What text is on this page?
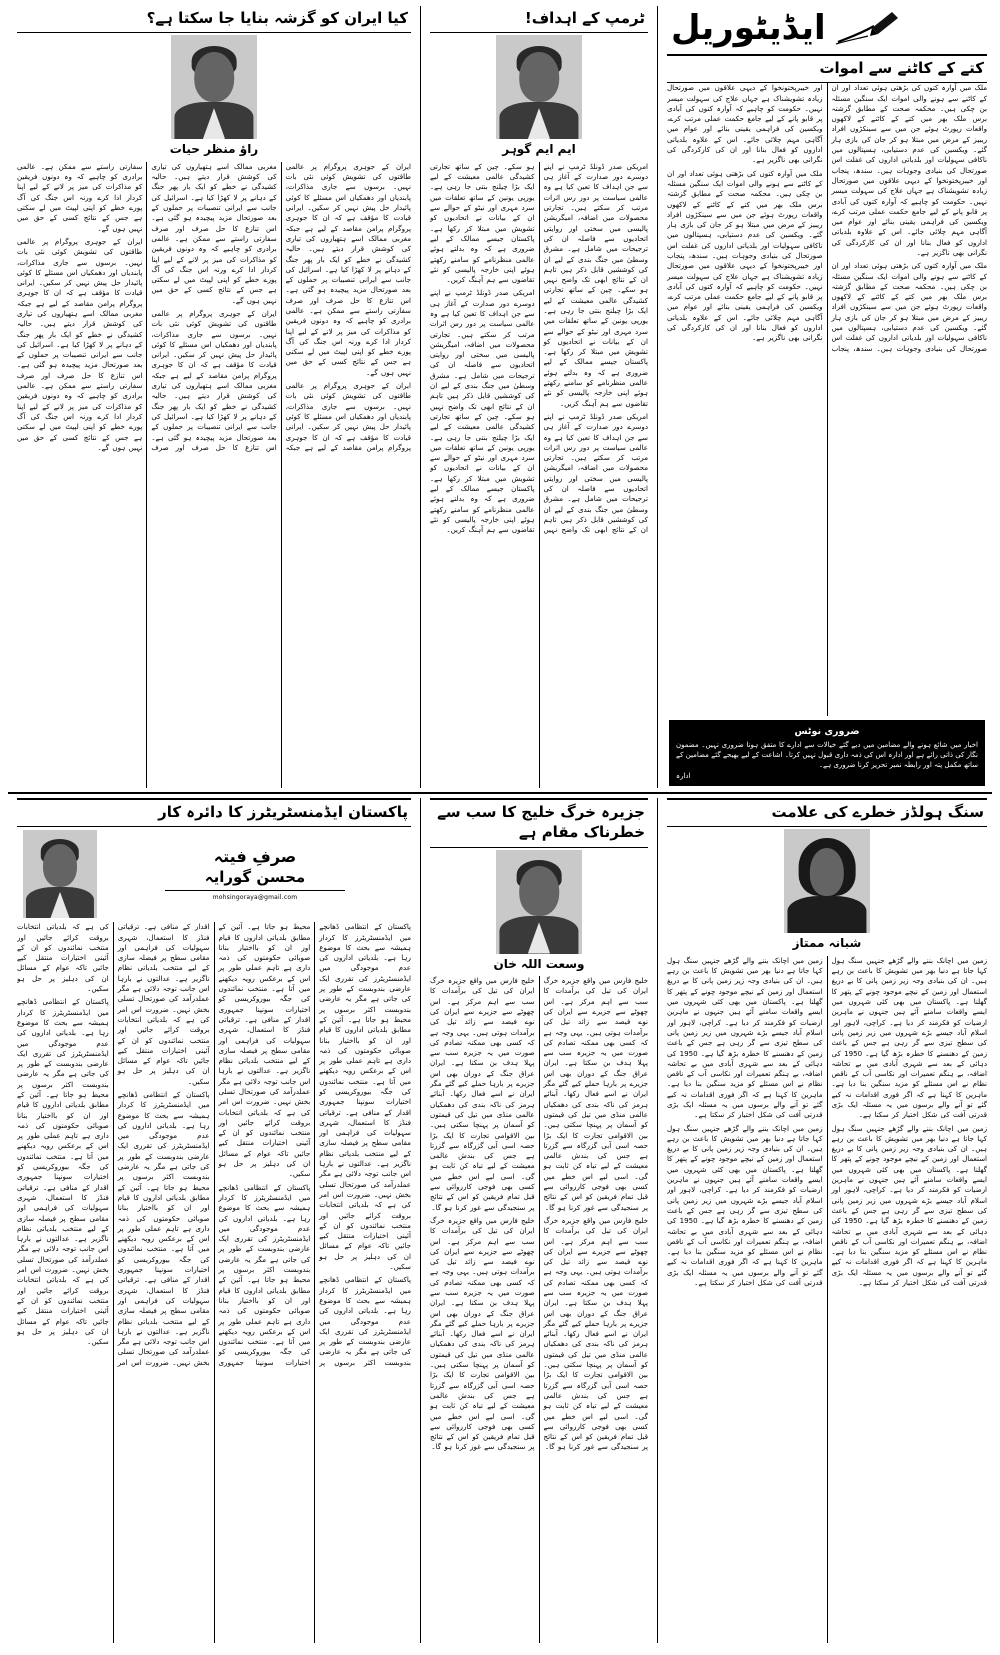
ایڈیٹوریل
کتے کے کاٹنے سے اموات

ملک میں آوارہ کتوں کی بڑھتی ہوئی تعداد اور ان کے کاٹنے سے ہونے والی اموات ایک سنگین مسئلہ بن چکی ہیں۔ محکمہ صحت کے مطابق گزشتہ برس ملک بھر میں کتے کے کاٹنے کے لاکھوں واقعات رپورٹ ہوئے جن میں سے سینکڑوں افراد ریبیز کے مرض میں مبتلا ہو کر جان کی بازی ہار گئے۔ ویکسین کی عدم دستیابی، ہسپتالوں میں ناکافی سہولیات اور بلدیاتی اداروں کی غفلت اس صورتحال کی بنیادی وجوہات ہیں۔ سندھ، پنجاب اور خیبرپختونخوا کے دیہی علاقوں میں صورتحال زیادہ تشویشناک ہے جہاں علاج کی سہولت میسر نہیں۔ حکومت کو چاہیے کہ آوارہ کتوں کی آبادی پر قابو پانے کے لیے جامع حکمت عملی مرتب کرے، ویکسین کی فراہمی یقینی بنائے اور عوام میں آگاہی مہم چلائی جائے۔ اس کے علاوہ بلدیاتی اداروں کو فعال بنانا اور ان کی کارکردگی کی نگرانی بھی ناگزیر ہے۔

ملک میں آوارہ کتوں کی بڑھتی ہوئی تعداد اور ان کے کاٹنے سے ہونے والی اموات ایک سنگین مسئلہ بن چکی ہیں۔ محکمہ صحت کے مطابق گزشتہ برس ملک بھر میں کتے کے کاٹنے کے لاکھوں واقعات رپورٹ ہوئے جن میں سے سینکڑوں افراد ریبیز کے مرض میں مبتلا ہو کر جان کی بازی ہار گئے۔ ویکسین کی عدم دستیابی، ہسپتالوں میں ناکافی سہولیات اور بلدیاتی اداروں کی غفلت اس صورتحال کی بنیادی وجوہات ہیں۔ سندھ، پنجاب اور خیبرپختونخوا کے دیہی علاقوں میں صورتحال زیادہ تشویشناک ہے جہاں علاج کی سہولت میسر نہیں۔ حکومت کو چاہیے کہ آوارہ کتوں کی آبادی پر قابو پانے کے لیے جامع حکمت عملی مرتب کرے، ویکسین کی فراہمی یقینی بنائے اور عوام میں آگاہی مہم چلائی جائے۔ اس کے علاوہ بلدیاتی اداروں کو فعال بنانا اور ان کی کارکردگی کی نگرانی بھی ناگزیر ہے۔

ملک میں آوارہ کتوں کی بڑھتی ہوئی تعداد اور ان کے کاٹنے سے ہونے والی اموات ایک سنگین مسئلہ بن چکی ہیں۔ محکمہ صحت کے مطابق گزشتہ برس ملک بھر میں کتے کے کاٹنے کے لاکھوں واقعات رپورٹ ہوئے جن میں سے سینکڑوں افراد ریبیز کے مرض میں مبتلا ہو کر جان کی بازی ہار گئے۔ ویکسین کی عدم دستیابی، ہسپتالوں میں ناکافی سہولیات اور بلدیاتی اداروں کی غفلت اس صورتحال کی بنیادی وجوہات ہیں۔ سندھ، پنجاب اور خیبرپختونخوا کے دیہی علاقوں میں صورتحال زیادہ تشویشناک ہے جہاں علاج کی سہولت میسر نہیں۔ حکومت کو چاہیے کہ آوارہ کتوں کی آبادی پر قابو پانے کے لیے جامع حکمت عملی مرتب کرے، ویکسین کی فراہمی یقینی بنائے اور عوام میں آگاہی مہم چلائی جائے۔ اس کے علاوہ بلدیاتی اداروں کو فعال بنانا اور ان کی کارکردگی کی نگرانی بھی ناگزیر ہے۔

ضروری نوٹس
اخبار میں شائع ہونے والے مضامین میں دیے گئے خیالات سے ادارے کا متفق ہونا ضروری نہیں۔ مضمون نگار کی ذاتی رائے ہے اور ادارہ اس کی ذمہ داری قبول نہیں کرتا۔ اشاعت کے لیے بھیجے گئے مضامین کے ساتھ مکمل پتہ اور رابطہ نمبر تحریر کرنا ضروری ہے۔
ادارہ
ٹرمپ کے اہداف!
ایم ایم گوہر

امریکی صدر ڈونلڈ ٹرمپ نے اپنے دوسرے دور صدارت کے آغاز ہی سے جن اہداف کا تعین کیا ہے وہ عالمی سیاست پر دور رس اثرات مرتب کر سکتے ہیں۔ تجارتی محصولات میں اضافہ، امیگریشن پالیسی میں سختی اور روایتی اتحادیوں سے فاصلہ ان کی ترجیحات میں شامل ہے۔ مشرق وسطیٰ میں جنگ بندی کے لیے ان کی کوششیں قابل ذکر ہیں تاہم ان کے نتائج ابھی تک واضح نہیں ہو سکے۔ چین کے ساتھ تجارتی کشیدگی عالمی معیشت کے لیے ایک بڑا چیلنج بنتی جا رہی ہے۔ یورپی یونین کے ساتھ تعلقات میں سرد مہری اور نیٹو کے حوالے سے ان کے بیانات نے اتحادیوں کو تشویش میں مبتلا کر رکھا ہے۔ پاکستان جیسے ممالک کے لیے ضروری ہے کہ وہ بدلتے ہوئے عالمی منظرنامے کو سامنے رکھتے ہوئے اپنی خارجہ پالیسی کو نئے تقاضوں سے ہم آہنگ کریں۔

امریکی صدر ڈونلڈ ٹرمپ نے اپنے دوسرے دور صدارت کے آغاز ہی سے جن اہداف کا تعین کیا ہے وہ عالمی سیاست پر دور رس اثرات مرتب کر سکتے ہیں۔ تجارتی محصولات میں اضافہ، امیگریشن پالیسی میں سختی اور روایتی اتحادیوں سے فاصلہ ان کی ترجیحات میں شامل ہے۔ مشرق وسطیٰ میں جنگ بندی کے لیے ان کی کوششیں قابل ذکر ہیں تاہم ان کے نتائج ابھی تک واضح نہیں ہو سکے۔ چین کے ساتھ تجارتی کشیدگی عالمی معیشت کے لیے ایک بڑا چیلنج بنتی جا رہی ہے۔ یورپی یونین کے ساتھ تعلقات میں سرد مہری اور نیٹو کے حوالے سے ان کے بیانات نے اتحادیوں کو تشویش میں مبتلا کر رکھا ہے۔ پاکستان جیسے ممالک کے لیے ضروری ہے کہ وہ بدلتے ہوئے عالمی منظرنامے کو سامنے رکھتے ہوئے اپنی خارجہ پالیسی کو نئے تقاضوں سے ہم آہنگ کریں۔

امریکی صدر ڈونلڈ ٹرمپ نے اپنے دوسرے دور صدارت کے آغاز ہی سے جن اہداف کا تعین کیا ہے وہ عالمی سیاست پر دور رس اثرات مرتب کر سکتے ہیں۔ تجارتی محصولات میں اضافہ، امیگریشن پالیسی میں سختی اور روایتی اتحادیوں سے فاصلہ ان کی ترجیحات میں شامل ہے۔ مشرق وسطیٰ میں جنگ بندی کے لیے ان کی کوششیں قابل ذکر ہیں تاہم ان کے نتائج ابھی تک واضح نہیں ہو سکے۔ چین کے ساتھ تجارتی کشیدگی عالمی معیشت کے لیے ایک بڑا چیلنج بنتی جا رہی ہے۔ یورپی یونین کے ساتھ تعلقات میں سرد مہری اور نیٹو کے حوالے سے ان کے بیانات نے اتحادیوں کو تشویش میں مبتلا کر رکھا ہے۔ پاکستان جیسے ممالک کے لیے ضروری ہے کہ وہ بدلتے ہوئے عالمی منظرنامے کو سامنے رکھتے ہوئے اپنی خارجہ پالیسی کو نئے تقاضوں سے ہم آہنگ کریں۔

کیا ایران کو گزشہ بنایا جا سکتا ہے؟
راؤ منظر حیات

ایران کے جوہری پروگرام پر عالمی طاقتوں کی تشویش کوئی نئی بات نہیں۔ برسوں سے جاری مذاکرات، پابندیاں اور دھمکیاں اس مسئلے کا کوئی پائیدار حل پیش نہیں کر سکیں۔ ایرانی قیادت کا مؤقف ہے کہ ان کا جوہری پروگرام پرامن مقاصد کے لیے ہے جبکہ مغربی ممالک اسے ہتھیاروں کی تیاری کی کوشش قرار دیتے ہیں۔ حالیہ کشیدگی نے خطے کو ایک بار پھر جنگ کے دہانے پر لا کھڑا کیا ہے۔ اسرائیل کی جانب سے ایرانی تنصیبات پر حملوں کے بعد صورتحال مزید پیچیدہ ہو گئی ہے۔ اس تنازع کا حل صرف اور صرف سفارتی راستے سے ممکن ہے۔ عالمی برادری کو چاہیے کہ وہ دونوں فریقین کو مذاکرات کی میز پر لانے کے لیے اپنا کردار ادا کرے ورنہ اس جنگ کی آگ پورے خطے کو اپنی لپیٹ میں لے سکتی ہے جس کے نتائج کسی کے حق میں نہیں ہوں گے۔

ایران کے جوہری پروگرام پر عالمی طاقتوں کی تشویش کوئی نئی بات نہیں۔ برسوں سے جاری مذاکرات، پابندیاں اور دھمکیاں اس مسئلے کا کوئی پائیدار حل پیش نہیں کر سکیں۔ ایرانی قیادت کا مؤقف ہے کہ ان کا جوہری پروگرام پرامن مقاصد کے لیے ہے جبکہ مغربی ممالک اسے ہتھیاروں کی تیاری کی کوشش قرار دیتے ہیں۔ حالیہ کشیدگی نے خطے کو ایک بار پھر جنگ کے دہانے پر لا کھڑا کیا ہے۔ اسرائیل کی جانب سے ایرانی تنصیبات پر حملوں کے بعد صورتحال مزید پیچیدہ ہو گئی ہے۔ اس تنازع کا حل صرف اور صرف سفارتی راستے سے ممکن ہے۔ عالمی برادری کو چاہیے کہ وہ دونوں فریقین کو مذاکرات کی میز پر لانے کے لیے اپنا کردار ادا کرے ورنہ اس جنگ کی آگ پورے خطے کو اپنی لپیٹ میں لے سکتی ہے جس کے نتائج کسی کے حق میں نہیں ہوں گے۔

ایران کے جوہری پروگرام پر عالمی طاقتوں کی تشویش کوئی نئی بات نہیں۔ برسوں سے جاری مذاکرات، پابندیاں اور دھمکیاں اس مسئلے کا کوئی پائیدار حل پیش نہیں کر سکیں۔ ایرانی قیادت کا مؤقف ہے کہ ان کا جوہری پروگرام پرامن مقاصد کے لیے ہے جبکہ مغربی ممالک اسے ہتھیاروں کی تیاری کی کوشش قرار دیتے ہیں۔ حالیہ کشیدگی نے خطے کو ایک بار پھر جنگ کے دہانے پر لا کھڑا کیا ہے۔ اسرائیل کی جانب سے ایرانی تنصیبات پر حملوں کے بعد صورتحال مزید پیچیدہ ہو گئی ہے۔ اس تنازع کا حل صرف اور صرف سفارتی راستے سے ممکن ہے۔ عالمی برادری کو چاہیے کہ وہ دونوں فریقین کو مذاکرات کی میز پر لانے کے لیے اپنا کردار ادا کرے ورنہ اس جنگ کی آگ پورے خطے کو اپنی لپیٹ میں لے سکتی ہے جس کے نتائج کسی کے حق میں نہیں ہوں گے۔

ایران کے جوہری پروگرام پر عالمی طاقتوں کی تشویش کوئی نئی بات نہیں۔ برسوں سے جاری مذاکرات، پابندیاں اور دھمکیاں اس مسئلے کا کوئی پائیدار حل پیش نہیں کر سکیں۔ ایرانی قیادت کا مؤقف ہے کہ ان کا جوہری پروگرام پرامن مقاصد کے لیے ہے جبکہ مغربی ممالک اسے ہتھیاروں کی تیاری کی کوشش قرار دیتے ہیں۔ حالیہ کشیدگی نے خطے کو ایک بار پھر جنگ کے دہانے پر لا کھڑا کیا ہے۔ اسرائیل کی جانب سے ایرانی تنصیبات پر حملوں کے بعد صورتحال مزید پیچیدہ ہو گئی ہے۔ اس تنازع کا حل صرف اور صرف سفارتی راستے سے ممکن ہے۔ عالمی برادری کو چاہیے کہ وہ دونوں فریقین کو مذاکرات کی میز پر لانے کے لیے اپنا کردار ادا کرے ورنہ اس جنگ کی آگ پورے خطے کو اپنی لپیٹ میں لے سکتی ہے جس کے نتائج کسی کے حق میں نہیں ہوں گے۔

سنگ ہولڈز خطرے کی علامت
شبانہ ممتاز

زمین میں اچانک بننے والے گڑھے جنہیں سنگ ہول کہا جاتا ہے دنیا بھر میں تشویش کا باعث بن رہے ہیں۔ ان کی بنیادی وجہ زیر زمین پانی کا بے دریغ استعمال اور زمین کے نیچے موجود چونے کے پتھر کا گھلنا ہے۔ پاکستان میں بھی کئی شہروں میں ایسے واقعات سامنے آئے ہیں جنہوں نے ماہرین ارضیات کو فکرمند کر دیا ہے۔ کراچی، لاہور اور اسلام آباد جیسے بڑے شہروں میں زیر زمین پانی کی سطح تیزی سے گر رہی ہے جس کے باعث زمین کے دھنسنے کا خطرہ بڑھ گیا ہے۔ 1950 کی دہائی کے بعد سے شہری آبادی میں بے تحاشہ اضافہ، بے ہنگم تعمیرات اور نکاسی آب کے ناقص نظام نے اس مسئلے کو مزید سنگین بنا دیا ہے۔ ماہرین کا کہنا ہے کہ اگر فوری اقدامات نہ کیے گئے تو آنے والے برسوں میں یہ مسئلہ ایک بڑی قدرتی آفت کی شکل اختیار کر سکتا ہے۔

زمین میں اچانک بننے والے گڑھے جنہیں سنگ ہول کہا جاتا ہے دنیا بھر میں تشویش کا باعث بن رہے ہیں۔ ان کی بنیادی وجہ زیر زمین پانی کا بے دریغ استعمال اور زمین کے نیچے موجود چونے کے پتھر کا گھلنا ہے۔ پاکستان میں بھی کئی شہروں میں ایسے واقعات سامنے آئے ہیں جنہوں نے ماہرین ارضیات کو فکرمند کر دیا ہے۔ کراچی، لاہور اور اسلام آباد جیسے بڑے شہروں میں زیر زمین پانی کی سطح تیزی سے گر رہی ہے جس کے باعث زمین کے دھنسنے کا خطرہ بڑھ گیا ہے۔ 1950 کی دہائی کے بعد سے شہری آبادی میں بے تحاشہ اضافہ، بے ہنگم تعمیرات اور نکاسی آب کے ناقص نظام نے اس مسئلے کو مزید سنگین بنا دیا ہے۔ ماہرین کا کہنا ہے کہ اگر فوری اقدامات نہ کیے گئے تو آنے والے برسوں میں یہ مسئلہ ایک بڑی قدرتی آفت کی شکل اختیار کر سکتا ہے۔

زمین میں اچانک بننے والے گڑھے جنہیں سنگ ہول کہا جاتا ہے دنیا بھر میں تشویش کا باعث بن رہے ہیں۔ ان کی بنیادی وجہ زیر زمین پانی کا بے دریغ استعمال اور زمین کے نیچے موجود چونے کے پتھر کا گھلنا ہے۔ پاکستان میں بھی کئی شہروں میں ایسے واقعات سامنے آئے ہیں جنہوں نے ماہرین ارضیات کو فکرمند کر دیا ہے۔ کراچی، لاہور اور اسلام آباد جیسے بڑے شہروں میں زیر زمین پانی کی سطح تیزی سے گر رہی ہے جس کے باعث زمین کے دھنسنے کا خطرہ بڑھ گیا ہے۔ 1950 کی دہائی کے بعد سے شہری آبادی میں بے تحاشہ اضافہ، بے ہنگم تعمیرات اور نکاسی آب کے ناقص نظام نے اس مسئلے کو مزید سنگین بنا دیا ہے۔ ماہرین کا کہنا ہے کہ اگر فوری اقدامات نہ کیے گئے تو آنے والے برسوں میں یہ مسئلہ ایک بڑی قدرتی آفت کی شکل اختیار کر سکتا ہے۔

زمین میں اچانک بننے والے گڑھے جنہیں سنگ ہول کہا جاتا ہے دنیا بھر میں تشویش کا باعث بن رہے ہیں۔ ان کی بنیادی وجہ زیر زمین پانی کا بے دریغ استعمال اور زمین کے نیچے موجود چونے کے پتھر کا گھلنا ہے۔ پاکستان میں بھی کئی شہروں میں ایسے واقعات سامنے آئے ہیں جنہوں نے ماہرین ارضیات کو فکرمند کر دیا ہے۔ کراچی، لاہور اور اسلام آباد جیسے بڑے شہروں میں زیر زمین پانی کی سطح تیزی سے گر رہی ہے جس کے باعث زمین کے دھنسنے کا خطرہ بڑھ گیا ہے۔ 1950 کی دہائی کے بعد سے شہری آبادی میں بے تحاشہ اضافہ، بے ہنگم تعمیرات اور نکاسی آب کے ناقص نظام نے اس مسئلے کو مزید سنگین بنا دیا ہے۔ ماہرین کا کہنا ہے کہ اگر فوری اقدامات نہ کیے گئے تو آنے والے برسوں میں یہ مسئلہ ایک بڑی قدرتی آفت کی شکل اختیار کر سکتا ہے۔

جزیرہ خرگ خلیج کا سب سے خطرناک مقام ہے
وسعت اللہ خان

خلیج فارس میں واقع جزیرہ خرگ ایران کی تیل کی برآمدات کا سب سے اہم مرکز ہے۔ اس چھوٹے سے جزیرے سے ایران کی نوے فیصد سے زائد تیل کی برآمدات ہوتی ہیں۔ یہی وجہ ہے کہ کسی بھی ممکنہ تصادم کی صورت میں یہ جزیرہ سب سے پہلا ہدف بن سکتا ہے۔ ایران عراق جنگ کے دوران بھی اس جزیرے پر بارہا حملے کیے گئے مگر ایران نے اسے فعال رکھا۔ آبنائے ہرمز کی ناکہ بندی کی دھمکیاں عالمی منڈی میں تیل کی قیمتوں کو آسمان پر پہنچا سکتی ہیں۔ بین الاقوامی تجارت کا ایک بڑا حصہ اسی آبی گزرگاہ سے گزرتا ہے جس کی بندش عالمی معیشت کے لیے تباہ کن ثابت ہو گی۔ اسی لیے اس خطے میں کسی بھی فوجی کارروائی سے قبل تمام فریقین کو اس کے نتائج پر سنجیدگی سے غور کرنا ہو گا۔

خلیج فارس میں واقع جزیرہ خرگ ایران کی تیل کی برآمدات کا سب سے اہم مرکز ہے۔ اس چھوٹے سے جزیرے سے ایران کی نوے فیصد سے زائد تیل کی برآمدات ہوتی ہیں۔ یہی وجہ ہے کہ کسی بھی ممکنہ تصادم کی صورت میں یہ جزیرہ سب سے پہلا ہدف بن سکتا ہے۔ ایران عراق جنگ کے دوران بھی اس جزیرے پر بارہا حملے کیے گئے مگر ایران نے اسے فعال رکھا۔ آبنائے ہرمز کی ناکہ بندی کی دھمکیاں عالمی منڈی میں تیل کی قیمتوں کو آسمان پر پہنچا سکتی ہیں۔ بین الاقوامی تجارت کا ایک بڑا حصہ اسی آبی گزرگاہ سے گزرتا ہے جس کی بندش عالمی معیشت کے لیے تباہ کن ثابت ہو گی۔ اسی لیے اس خطے میں کسی بھی فوجی کارروائی سے قبل تمام فریقین کو اس کے نتائج پر سنجیدگی سے غور کرنا ہو گا۔

خلیج فارس میں واقع جزیرہ خرگ ایران کی تیل کی برآمدات کا سب سے اہم مرکز ہے۔ اس چھوٹے سے جزیرے سے ایران کی نوے فیصد سے زائد تیل کی برآمدات ہوتی ہیں۔ یہی وجہ ہے کہ کسی بھی ممکنہ تصادم کی صورت میں یہ جزیرہ سب سے پہلا ہدف بن سکتا ہے۔ ایران عراق جنگ کے دوران بھی اس جزیرے پر بارہا حملے کیے گئے مگر ایران نے اسے فعال رکھا۔ آبنائے ہرمز کی ناکہ بندی کی دھمکیاں عالمی منڈی میں تیل کی قیمتوں کو آسمان پر پہنچا سکتی ہیں۔ بین الاقوامی تجارت کا ایک بڑا حصہ اسی آبی گزرگاہ سے گزرتا ہے جس کی بندش عالمی معیشت کے لیے تباہ کن ثابت ہو گی۔ اسی لیے اس خطے میں کسی بھی فوجی کارروائی سے قبل تمام فریقین کو اس کے نتائج پر سنجیدگی سے غور کرنا ہو گا۔

خلیج فارس میں واقع جزیرہ خرگ ایران کی تیل کی برآمدات کا سب سے اہم مرکز ہے۔ اس چھوٹے سے جزیرے سے ایران کی نوے فیصد سے زائد تیل کی برآمدات ہوتی ہیں۔ یہی وجہ ہے کہ کسی بھی ممکنہ تصادم کی صورت میں یہ جزیرہ سب سے پہلا ہدف بن سکتا ہے۔ ایران عراق جنگ کے دوران بھی اس جزیرے پر بارہا حملے کیے گئے مگر ایران نے اسے فعال رکھا۔ آبنائے ہرمز کی ناکہ بندی کی دھمکیاں عالمی منڈی میں تیل کی قیمتوں کو آسمان پر پہنچا سکتی ہیں۔ بین الاقوامی تجارت کا ایک بڑا حصہ اسی آبی گزرگاہ سے گزرتا ہے جس کی بندش عالمی معیشت کے لیے تباہ کن ثابت ہو گی۔ اسی لیے اس خطے میں کسی بھی فوجی کارروائی سے قبل تمام فریقین کو اس کے نتائج پر سنجیدگی سے غور کرنا ہو گا۔

پاکستان ایڈمنسٹریٹرز کا دائرہ کار
صرفِ فیتہ
محسن گورایہ
mohsingoraya@gmail.com

پاکستان کے انتظامی ڈھانچے میں ایڈمنسٹریٹرز کا کردار ہمیشہ سے بحث کا موضوع رہا ہے۔ بلدیاتی اداروں کی عدم موجودگی میں ایڈمنسٹریٹرز کی تقرری ایک عارضی بندوبست کے طور پر کی جاتی ہے مگر یہ عارضی بندوبست اکثر برسوں پر محیط ہو جاتا ہے۔ آئین کے مطابق بلدیاتی اداروں کا قیام اور ان کو بااختیار بنانا صوبائی حکومتوں کی ذمہ داری ہے تاہم عملی طور پر اس کے برعکس رویہ دیکھنے میں آتا ہے۔ منتخب نمائندوں کی جگہ بیوروکریسی کو اختیارات سونپنا جمہوری اقدار کے منافی ہے۔ ترقیاتی فنڈز کا استعمال، شہری سہولیات کی فراہمی اور مقامی سطح پر فیصلہ سازی کے لیے منتخب بلدیاتی نظام ناگزیر ہے۔ عدالتوں نے بارہا اس جانب توجہ دلائی ہے مگر عملدرآمد کی صورتحال تسلی بخش نہیں۔ ضرورت اس امر کی ہے کہ بلدیاتی انتخابات بروقت کرائے جائیں اور منتخب نمائندوں کو ان کے آئینی اختیارات منتقل کیے جائیں تاکہ عوام کے مسائل ان کی دہلیز پر حل ہو سکیں۔

پاکستان کے انتظامی ڈھانچے میں ایڈمنسٹریٹرز کا کردار ہمیشہ سے بحث کا موضوع رہا ہے۔ بلدیاتی اداروں کی عدم موجودگی میں ایڈمنسٹریٹرز کی تقرری ایک عارضی بندوبست کے طور پر کی جاتی ہے مگر یہ عارضی بندوبست اکثر برسوں پر محیط ہو جاتا ہے۔ آئین کے مطابق بلدیاتی اداروں کا قیام اور ان کو بااختیار بنانا صوبائی حکومتوں کی ذمہ داری ہے تاہم عملی طور پر اس کے برعکس رویہ دیکھنے میں آتا ہے۔ منتخب نمائندوں کی جگہ بیوروکریسی کو اختیارات سونپنا جمہوری اقدار کے منافی ہے۔ ترقیاتی فنڈز کا استعمال، شہری سہولیات کی فراہمی اور مقامی سطح پر فیصلہ سازی کے لیے منتخب بلدیاتی نظام ناگزیر ہے۔ عدالتوں نے بارہا اس جانب توجہ دلائی ہے مگر عملدرآمد کی صورتحال تسلی بخش نہیں۔ ضرورت اس امر کی ہے کہ بلدیاتی انتخابات بروقت کرائے جائیں اور منتخب نمائندوں کو ان کے آئینی اختیارات منتقل کیے جائیں تاکہ عوام کے مسائل ان کی دہلیز پر حل ہو سکیں۔

پاکستان کے انتظامی ڈھانچے میں ایڈمنسٹریٹرز کا کردار ہمیشہ سے بحث کا موضوع رہا ہے۔ بلدیاتی اداروں کی عدم موجودگی میں ایڈمنسٹریٹرز کی تقرری ایک عارضی بندوبست کے طور پر کی جاتی ہے مگر یہ عارضی بندوبست اکثر برسوں پر محیط ہو جاتا ہے۔ آئین کے مطابق بلدیاتی اداروں کا قیام اور ان کو بااختیار بنانا صوبائی حکومتوں کی ذمہ داری ہے تاہم عملی طور پر اس کے برعکس رویہ دیکھنے میں آتا ہے۔ منتخب نمائندوں کی جگہ بیوروکریسی کو اختیارات سونپنا جمہوری اقدار کے منافی ہے۔ ترقیاتی فنڈز کا استعمال، شہری سہولیات کی فراہمی اور مقامی سطح پر فیصلہ سازی کے لیے منتخب بلدیاتی نظام ناگزیر ہے۔ عدالتوں نے بارہا اس جانب توجہ دلائی ہے مگر عملدرآمد کی صورتحال تسلی بخش نہیں۔ ضرورت اس امر کی ہے کہ بلدیاتی انتخابات بروقت کرائے جائیں اور منتخب نمائندوں کو ان کے آئینی اختیارات منتقل کیے جائیں تاکہ عوام کے مسائل ان کی دہلیز پر حل ہو سکیں۔

پاکستان کے انتظامی ڈھانچے میں ایڈمنسٹریٹرز کا کردار ہمیشہ سے بحث کا موضوع رہا ہے۔ بلدیاتی اداروں کی عدم موجودگی میں ایڈمنسٹریٹرز کی تقرری ایک عارضی بندوبست کے طور پر کی جاتی ہے مگر یہ عارضی بندوبست اکثر برسوں پر محیط ہو جاتا ہے۔ آئین کے مطابق بلدیاتی اداروں کا قیام اور ان کو بااختیار بنانا صوبائی حکومتوں کی ذمہ داری ہے تاہم عملی طور پر اس کے برعکس رویہ دیکھنے میں آتا ہے۔ منتخب نمائندوں کی جگہ بیوروکریسی کو اختیارات سونپنا جمہوری اقدار کے منافی ہے۔ ترقیاتی فنڈز کا استعمال، شہری سہولیات کی فراہمی اور مقامی سطح پر فیصلہ سازی کے لیے منتخب بلدیاتی نظام ناگزیر ہے۔ عدالتوں نے بارہا اس جانب توجہ دلائی ہے مگر عملدرآمد کی صورتحال تسلی بخش نہیں۔ ضرورت اس امر کی ہے کہ بلدیاتی انتخابات بروقت کرائے جائیں اور منتخب نمائندوں کو ان کے آئینی اختیارات منتقل کیے جائیں تاکہ عوام کے مسائل ان کی دہلیز پر حل ہو سکیں۔

پاکستان کے انتظامی ڈھانچے میں ایڈمنسٹریٹرز کا کردار ہمیشہ سے بحث کا موضوع رہا ہے۔ بلدیاتی اداروں کی عدم موجودگی میں ایڈمنسٹریٹرز کی تقرری ایک عارضی بندوبست کے طور پر کی جاتی ہے مگر یہ عارضی بندوبست اکثر برسوں پر محیط ہو جاتا ہے۔ آئین کے مطابق بلدیاتی اداروں کا قیام اور ان کو بااختیار بنانا صوبائی حکومتوں کی ذمہ داری ہے تاہم عملی طور پر اس کے برعکس رویہ دیکھنے میں آتا ہے۔ منتخب نمائندوں کی جگہ بیوروکریسی کو اختیارات سونپنا جمہوری اقدار کے منافی ہے۔ ترقیاتی فنڈز کا استعمال، شہری سہولیات کی فراہمی اور مقامی سطح پر فیصلہ سازی کے لیے منتخب بلدیاتی نظام ناگزیر ہے۔ عدالتوں نے بارہا اس جانب توجہ دلائی ہے مگر عملدرآمد کی صورتحال تسلی بخش نہیں۔ ضرورت اس امر کی ہے کہ بلدیاتی انتخابات بروقت کرائے جائیں اور منتخب نمائندوں کو ان کے آئینی اختیارات منتقل کیے جائیں تاکہ عوام کے مسائل ان کی دہلیز پر حل ہو سکیں۔
